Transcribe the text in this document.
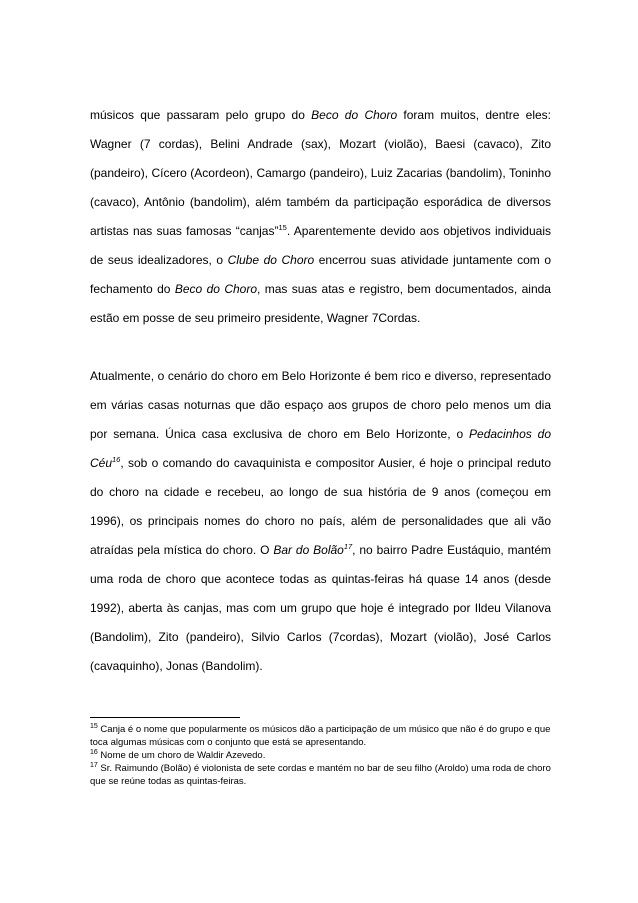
músicos que passaram pelo grupo do Beco do Choro foram muitos, dentre eles: Wagner (7 cordas), Belini Andrade (sax), Mozart (violão), Baesi (cavaco), Zito (pandeiro), Cícero (Acordeon), Camargo (pandeiro), Luiz Zacarias (bandolim), Toninho (cavaco), Antônio (bandolim), além também da participação esporádica de diversos artistas nas suas famosas “canjas”$^{15}$. Aparentemente devido aos objetivos individuais de seus idealizadores, o Clube do Choro encerrou suas atividade juntamente com o fechamento do Beco do Choro, mas suas atas e registro, bem documentados, ainda estão em posse de seu primeiro presidente, Wagner 7Cordas.

Atualmente, o cenário do choro em Belo Horizonte é bem rico e diverso, representado em várias casas noturnas que dão espaço aos grupos de choro pelo menos um dia por semana. Única casa exclusiva de choro em Belo Horizonte, o Pedacinhos do Céu$^{16}$, sob o comando do cavaquinista e compositor Ausier, é hoje o principal reduto do choro na cidade e recebeu, ao longo de sua história de 9 anos (começou em 1996), os principais nomes do choro no país, além de personalidades que ali vão atraídas pela mística do choro. O Bar do Bolão$^{17}$, no bairro Padre Eustáquio, mantém uma roda de choro que acontece todas as quintas-feiras há quase 14 anos (desde 1992), aberta às canjas, mas com um grupo que hoje é integrado por Ildeu Vilanova (Bandolim), Zito (pandeiro), Silvio Carlos (7cordas), Mozart (violão), José Carlos (cavaquinho), Jonas (Bandolim).

$^{15}$ Canja é o nome que popularmente os músicos dão a participação de um músico que não é do grupo e que toca algumas músicas com o conjunto que está se apresentando.
$^{16}$ Nome de um choro de Waldir Azevedo.
$^{17}$ Sr. Raimundo (Bolão) é violonista de sete cordas e mantém no bar de seu filho (Aroldo) uma roda de choro que se reúne todas as quintas-feiras.
